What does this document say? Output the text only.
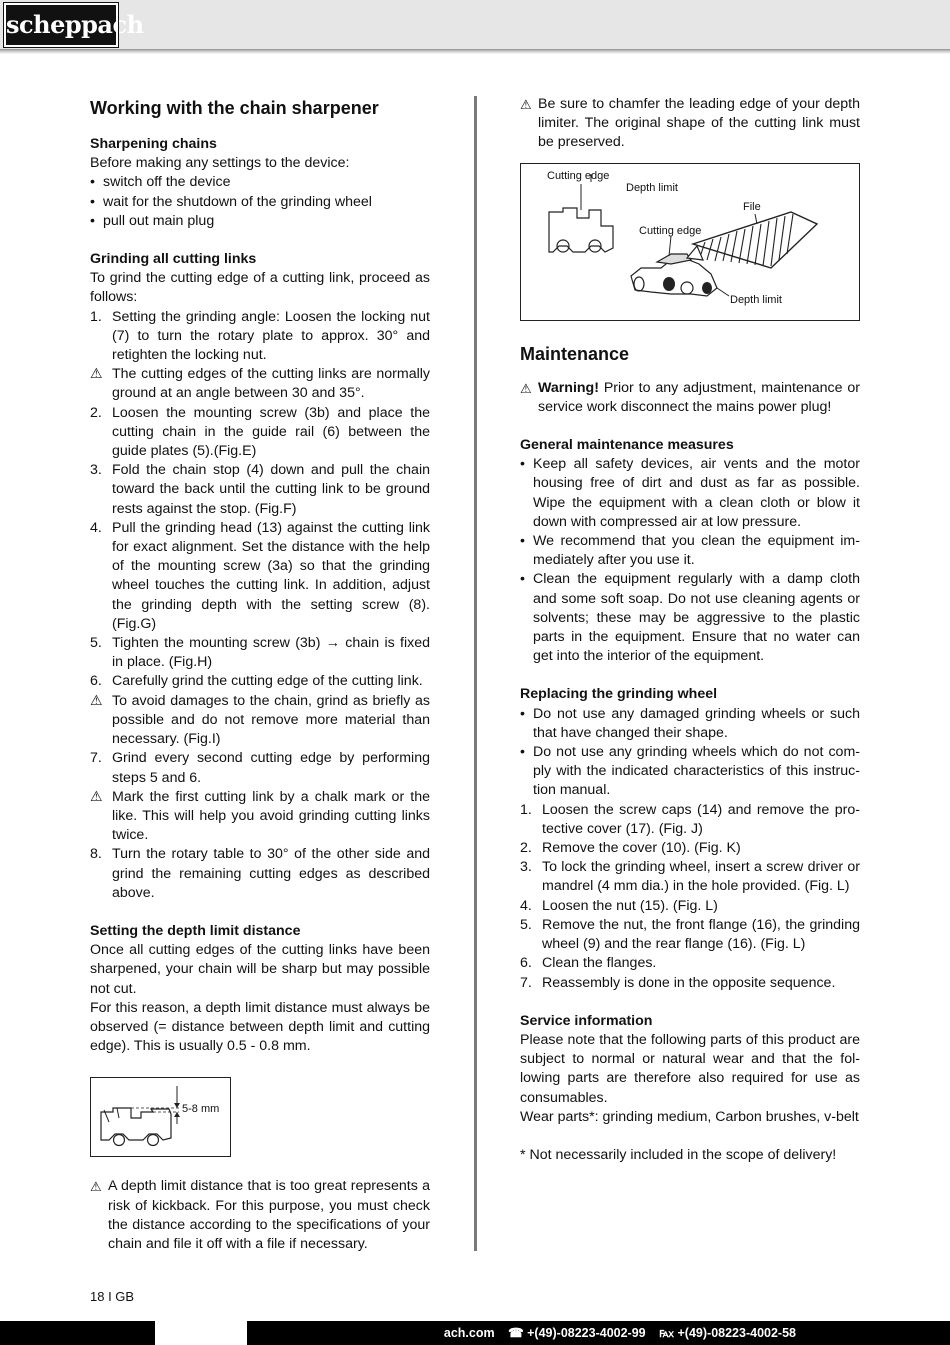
scheppach
Working with the chain sharpener
Sharpening chains

Before making any settings to the device:

• switch off the device
• wait for the shutdown of the grinding wheel
• pull out main plug
Grinding all cutting links

To grind the cutting edge of a cutting link, proceed as follows:

1. Setting the grinding angle: Loosen the locking nut (7) to turn the rotary plate to approx. 30° and retighten the locking nut.
⚠ The cutting edges of the cutting links are normally ground at an angle between 30 and 35°.
2. Loosen the mounting screw (3b) and place the cutting chain in the guide rail (6) between the guide plates (5).(Fig.E)
3. Fold the chain stop (4) down and pull the chain toward the back until the cutting link to be ground rests against the stop. (Fig.F)
4. Pull the grinding head (13) against the cutting link for exact alignment. Set the distance with the help of the mounting screw (3a) so that the grinding wheel touches the cutting link. In addition, adjust the grinding depth with the setting screw (8).(Fig.G)
5. Tighten the mounting screw (3b) → chain is fixed in place. (Fig.H)
6. Carefully grind the cutting edge of the cutting link.
⚠ To avoid damages to the chain, grind as briefly as possible and do not remove more material than necessary. (Fig.I)
7. Grind every second cutting edge by performing steps 5 and 6.
⚠ Mark the first cutting link by a chalk mark or the like. This will help you avoid grinding cutting links twice.
8. Turn the rotary table to 30° of the other side and grind the remaining cutting edges as described above.
Setting the depth limit distance

Once all cutting edges of the cutting links have been sharpened, your chain will be sharp but may possible not cut.

For this reason, a depth limit distance must always be observed (= distance between depth limit and cutting edge). This is usually 0.5 - 0.8 mm.

5-8 mm
⚠ A depth limit distance that is too great represents a risk of kickback. For this purpose, you must check the distance according to the specifications of your chain and file it off with a file if necessary.
⚠ Be sure to chamfer the leading edge of your depth limiter. The original shape of the cutting link must be preserved.
Cutting edge
Depth limit
File
Cutting edge
Depth limit
Maintenance

⚠ Warning! Prior to any adjustment, maintenance or service work disconnect the mains power plug!

General maintenance measures
• Keep all safety devices, air vents and the motor housing free of dirt and dust as far as possible. Wipe the equipment with a clean cloth or blow it down with compressed air at low pressure.
• We recommend that you clean the equipment immediately after you use it.
• Clean the equipment regularly with a damp cloth and some soft soap. Do not use cleaning agents or solvents; these may be aggressive to the plastic parts in the equipment. Ensure that no water can get into the interior of the equipment.
Replacing the grinding wheel
• Do not use any damaged grinding wheels or such that have changed their shape.
• Do not use any grinding wheels which do not comply with the indicated characteristics of this instruction manual.
1. Loosen the screw caps (14) and remove the protective cover (17). (Fig. J)
2. Remove the cover (10). (Fig. K)
3. To lock the grinding wheel, insert a screw driver or mandrel (4 mm dia.) in the hole provided. (Fig. L)
4. Loosen the nut (15). (Fig. L)
5. Remove the nut, the front flange (16), the grinding wheel (9) and the rear flange (16). (Fig. L)
6. Clean the flanges.
7. Reassembly is done in the opposite sequence.
Service information

Please note that the following parts of this product are subject to normal or natural wear and that the following parts are therefore also required for use as consumables.

Wear parts*: grinding medium, Carbon brushes, v-belt

* Not necessarily included in the scope of delivery!

18 I GB
ach.com ☎ +(49)-08223-4002-99 ℻ +(49)-08223-4002-58
